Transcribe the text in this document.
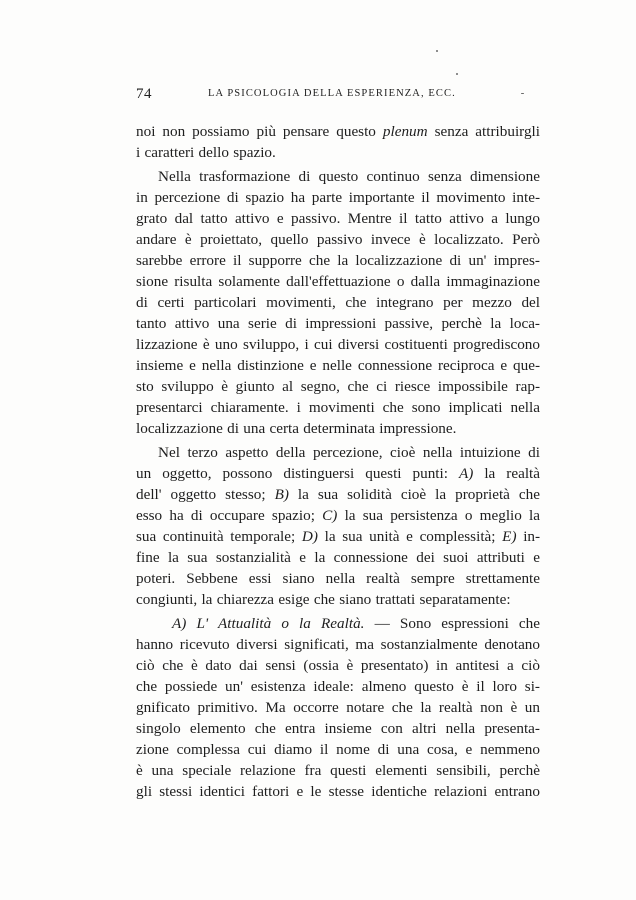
74	LA PSICOLOGIA DELLA ESPERIENZA, ECC.
noi non possiamo più pensare questo plenum senza attribuirgli
i caratteri dello spazio.
Nella trasformazione di questo continuo senza dimensione
in percezione di spazio ha parte importante il movimento inte-
grato dal tatto attivo e passivo. Mentre il tatto attivo a lungo
andare è proiettato, quello passivo invece è localizzato. Però
sarebbe errore il supporre che la localizzazione di un' impres-
sione risulta solamente dall'effettuazione o dalla immaginazione
di certi particolari movimenti, che integrano per mezzo del
tanto attivo una serie di impressioni passive, perchè la loca-
lizzazione è uno sviluppo, i cui diversi costituenti progrediscono
insieme e nella distinzione e nelle connessione reciproca e que-
sto sviluppo è giunto al segno, che ci riesce impossibile rap-
presentarci chiaramente. i movimenti che sono implicati nella
localizzazione di una certa determinata impressione.
Nel terzo aspetto della percezione, cioè nella intuizione di
un oggetto, possono distinguersi questi punti: A) la realtà
dell' oggetto stesso; B) la sua solidità cioè la proprietà che
esso ha di occupare spazio; C) la sua persistenza o meglio la
sua continuità temporale; D) la sua unità e complessità; E) in-
fine la sua sostanzialità e la connessione dei suoi attributi e
poteri. Sebbene essi siano nella realtà sempre strettamente
congiunti, la chiarezza esige che siano trattati separatamente:
A) L' Attualità o la Realtà. — Sono espressioni che
hanno ricevuto diversi significati, ma sostanzialmente denotano
ciò che è dato dai sensi (ossia è presentato) in antitesi a ciò
che possiede un' esistenza ideale: almeno questo è il loro si-
gnificato primitivo. Ma occorre notare che la realtà non è un
singolo elemento che entra insieme con altri nella presenta-
zione complessa cui diamo il nome di una cosa, e nemmeno
è una speciale relazione fra questi elementi sensibili, perchè
gli stessi identici fattori e le stesse identiche relazioni entrano
